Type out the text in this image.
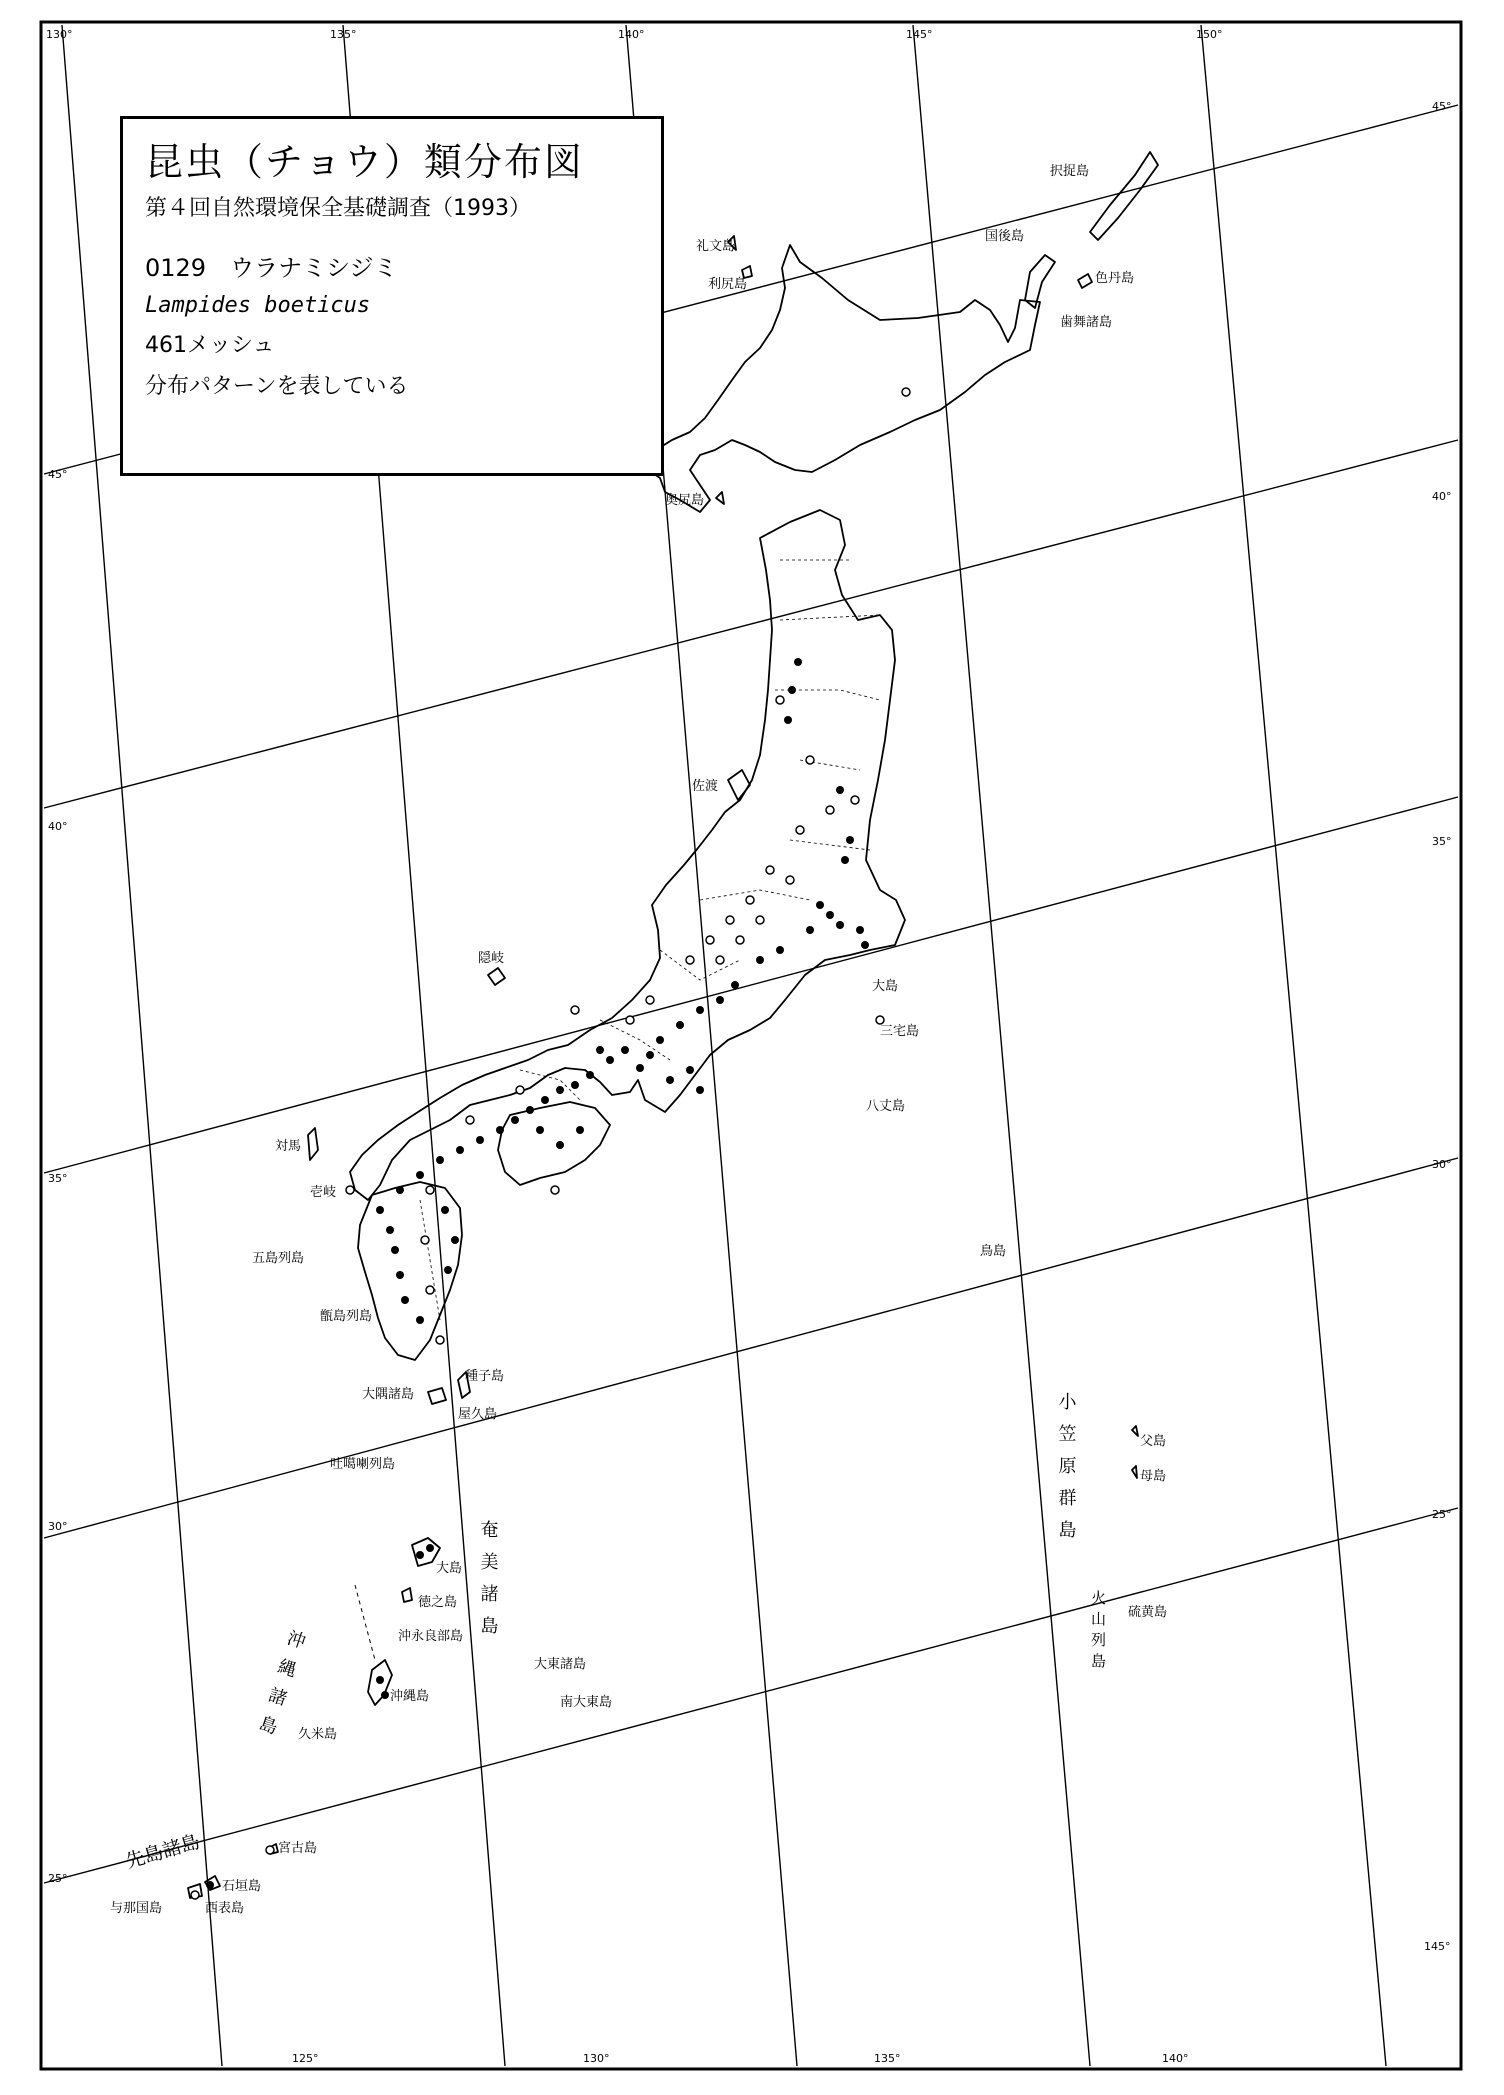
130°	135°	140°	145°	150°
125°	130°	135°	140°
145°
45°
40°
35°
30°
25°
45°
40°
35°
30°
25°
択捉島
国後島
色丹島
歯舞諸島
礼文島
利尻島
奥尻島
佐渡
隠岐
大島
三宅島
八丈島
対馬
壱岐
五島列島
甑島列島
鳥島
種子島
大隅諸島
屋久島
吐噶喇列島
父島
母島
大島
徳之島
沖永良部島
硫黄島
大東諸島
南大東島
沖縄島
久米島
宮古島
石垣島
西表島
与那国島
小笠原群島
奄美諸島	火山列島
沖縄諸島
先島諸島
昆虫（チョウ）類分布図
第４回自然環境保全基礎調査（1993）
0129　ウラナミシジミ
Lampides boeticus
461メッシュ
分布パターンを表している
